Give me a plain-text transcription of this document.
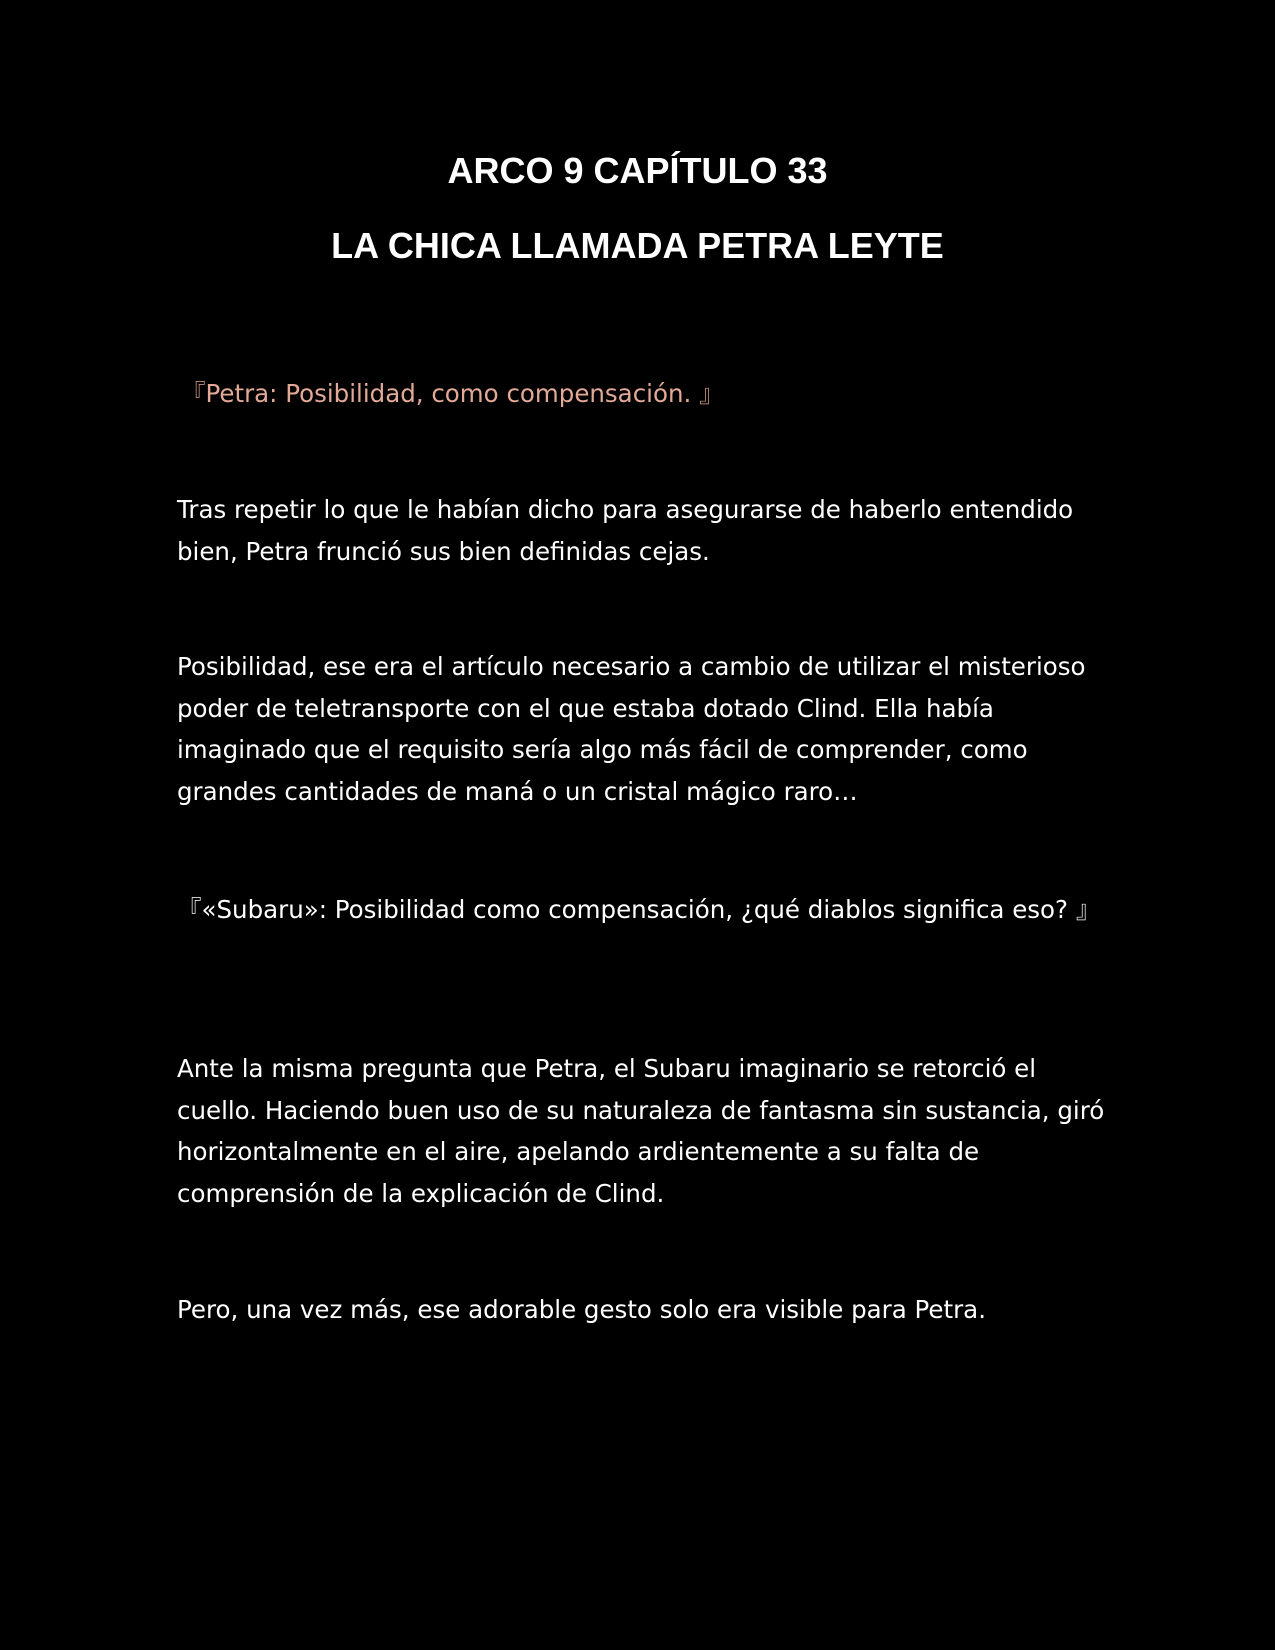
ARCO 9 CAPÍTULO 33
LA CHICA LLAMADA PETRA LEYTE

『Petra: Posibilidad, como compensación. 』

Tras repetir lo que le habían dicho para asegurarse de haberlo entendido bien, Petra frunció sus bien definidas cejas.

Posibilidad, ese era el artículo necesario a cambio de utilizar el misterioso poder de teletransporte con el que estaba dotado Clind. Ella había imaginado que el requisito sería algo más fácil de comprender, como grandes cantidades de maná o un cristal mágico raro…

『«Subaru»: Posibilidad como compensación, ¿qué diablos significa eso? 』

Ante la misma pregunta que Petra, el Subaru imaginario se retorció el cuello. Haciendo buen uso de su naturaleza de fantasma sin sustancia, giró horizontalmente en el aire, apelando ardientemente a su falta de comprensión de la explicación de Clind.

Pero, una vez más, ese adorable gesto solo era visible para Petra.
